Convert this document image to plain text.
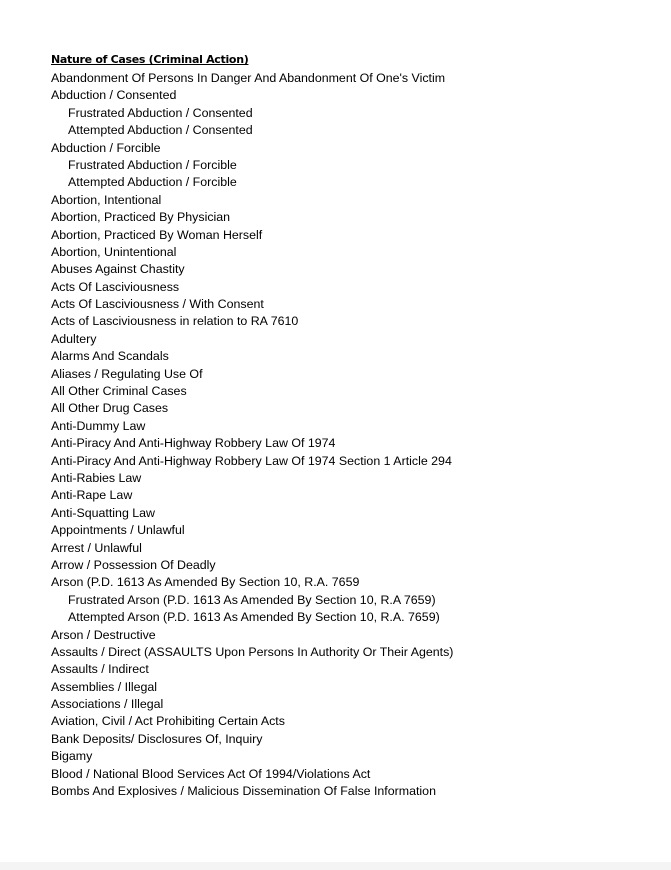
Nature of Cases (Criminal Action)
Abandonment Of Persons In Danger And Abandonment Of One's Victim
Abduction / Consented
Frustrated Abduction / Consented
Attempted Abduction / Consented
Abduction / Forcible
Frustrated Abduction / Forcible
Attempted Abduction / Forcible
Abortion, Intentional
Abortion, Practiced By Physician
Abortion, Practiced By Woman Herself
Abortion, Unintentional
Abuses Against Chastity
Acts Of Lasciviousness
Acts Of Lasciviousness / With Consent
Acts of Lasciviousness in relation to RA 7610
Adultery
Alarms And Scandals
Aliases / Regulating Use Of
All Other Criminal Cases
All Other Drug Cases
Anti-Dummy Law
Anti-Piracy And Anti-Highway Robbery Law Of 1974
Anti-Piracy And Anti-Highway Robbery Law Of 1974 Section 1 Article 294
Anti-Rabies Law
Anti-Rape Law
Anti-Squatting Law
Appointments / Unlawful
Arrest / Unlawful
Arrow / Possession Of Deadly
Arson (P.D. 1613 As Amended By Section 10, R.A. 7659
Frustrated Arson (P.D. 1613 As Amended By Section 10, R.A 7659)
Attempted Arson (P.D. 1613 As Amended By Section 10, R.A. 7659)
Arson / Destructive
Assaults / Direct (ASSAULTS Upon Persons In Authority Or Their Agents)
Assaults / Indirect
Assemblies / Illegal
Associations / Illegal
Aviation, Civil / Act Prohibiting Certain Acts
Bank Deposits/ Disclosures Of, Inquiry
Bigamy
Blood / National Blood Services Act Of 1994/Violations Act
Bombs And Explosives / Malicious Dissemination Of False Information
